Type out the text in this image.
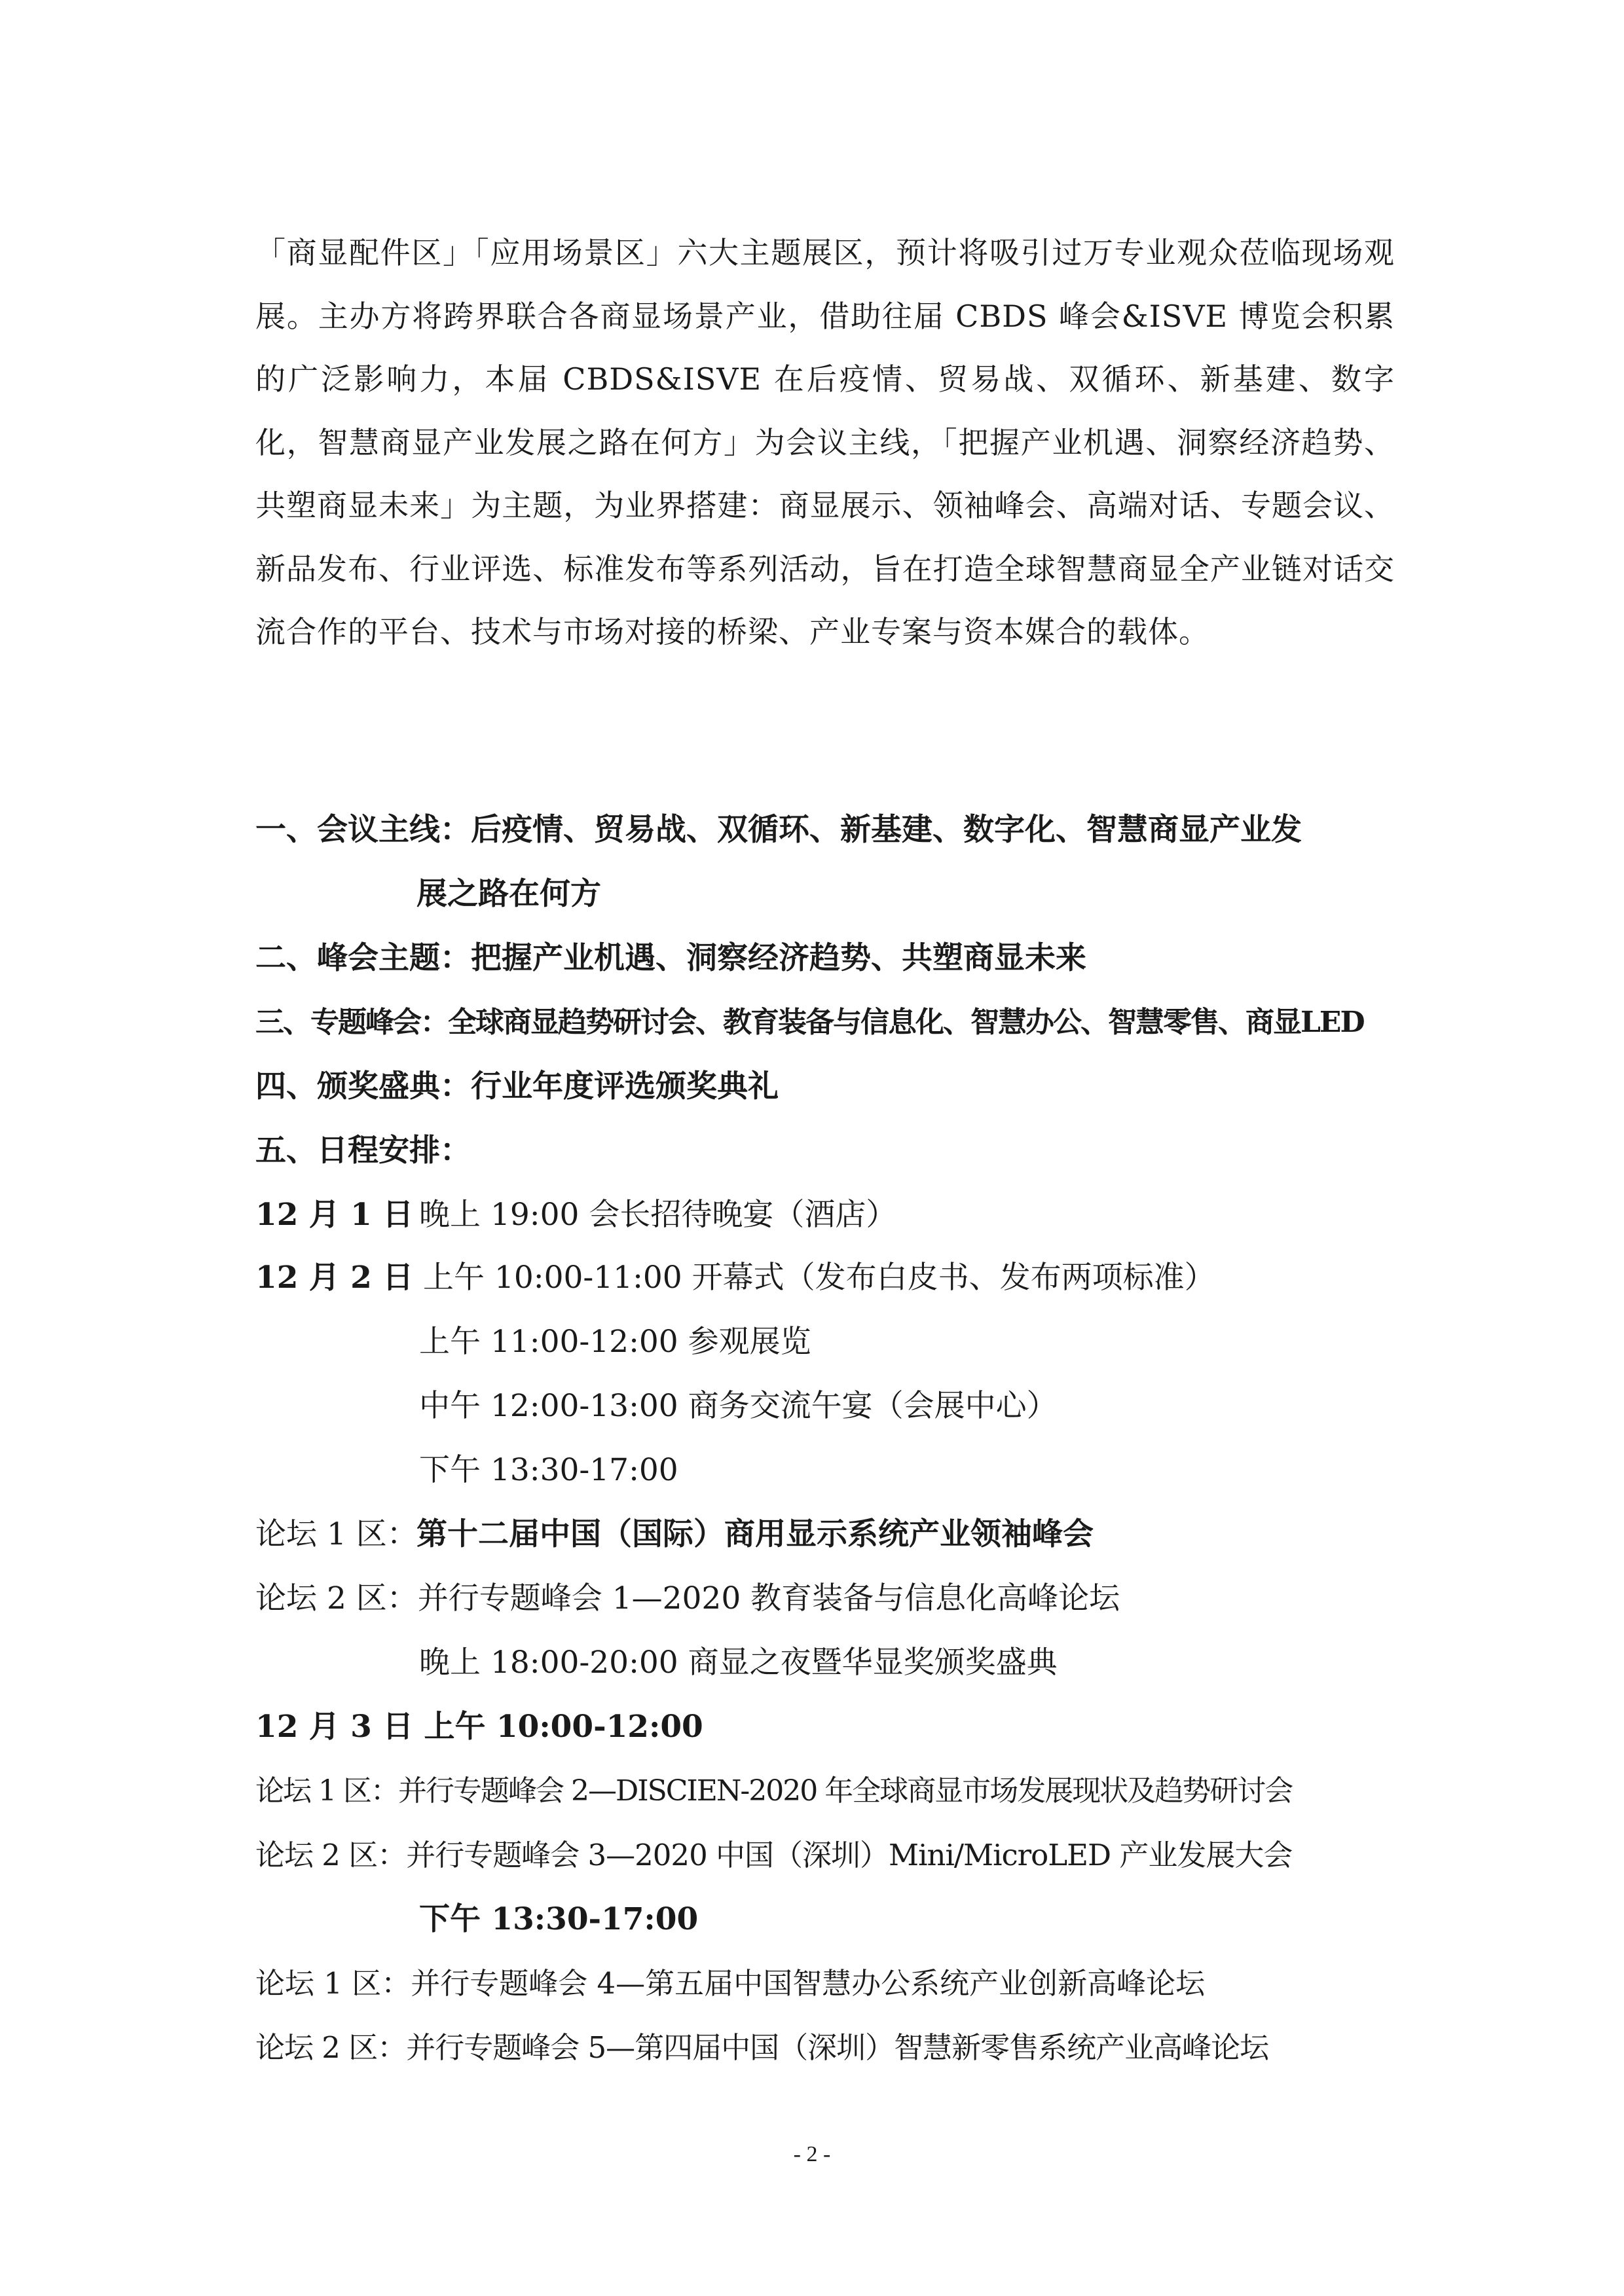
「商显配件区」「应用场景区」六大主题展区，预计将吸引过万专业观众莅临现场观展。主办方将跨界联合各商显场景产业，借助往届 CBDS 峰会&ISVE 博览会积累的广泛影响力，本届 CBDS&ISVE 在后疫情、贸易战、双循环、新基建、数字化，智慧商显产业发展之路在何方」为会议主线，「把握产业机遇、洞察经济趋势、共塑商显未来」为主题，为业界搭建：商显展示、领袖峰会、高端对话、专题会议、新品发布、行业评选、标准发布等系列活动，旨在打造全球智慧商显全产业链对话交流合作的平台、技术与市场对接的桥梁、产业专案与资本媒合的载体。

一、会议主线：后疫情、贸易战、双循环、新基建、数字化、智慧商显产业发
展之路在何方
二、峰会主题：把握产业机遇、洞察经济趋势、共塑商显未来
三、专题峰会：全球商显趋势研讨会、教育装备与信息化、智慧办公、智慧零售、商显LED
四、颁奖盛典：行业年度评选颁奖典礼
五、日程安排：
12 月 1 日 晚上 19:00 会长招待晚宴（酒店）
12 月 2 日 上午 10:00-11:00 开幕式（发布白皮书、发布两项标准）
上午 11:00-12:00 参观展览
中午 12:00-13:00 商务交流午宴（会展中心）
下午 13:30-17:00
论坛 1 区：
第十二届中国（国际）商用显示系统产业领袖峰会
论坛 2 区：并行专题峰会 1—2020 教育装备与信息化高峰论坛
晚上 18:00-20:00 商显之夜暨华显奖颁奖盛典
12 月 3 日 上午 10:00-12:00
论坛 1 区：并行专题峰会 2—DISCIEN-2020 年全球商显市场发展现状及趋势研讨会
论坛 2 区：并行专题峰会 3—2020 中国（深圳）Mini/MicroLED 产业发展大会
下午 13:30-17:00
论坛 1 区：并行专题峰会 4—第五届中国智慧办公系统产业创新高峰论坛
论坛 2 区：并行专题峰会 5—第四届中国（深圳）智慧新零售系统产业高峰论坛
- 2 -
